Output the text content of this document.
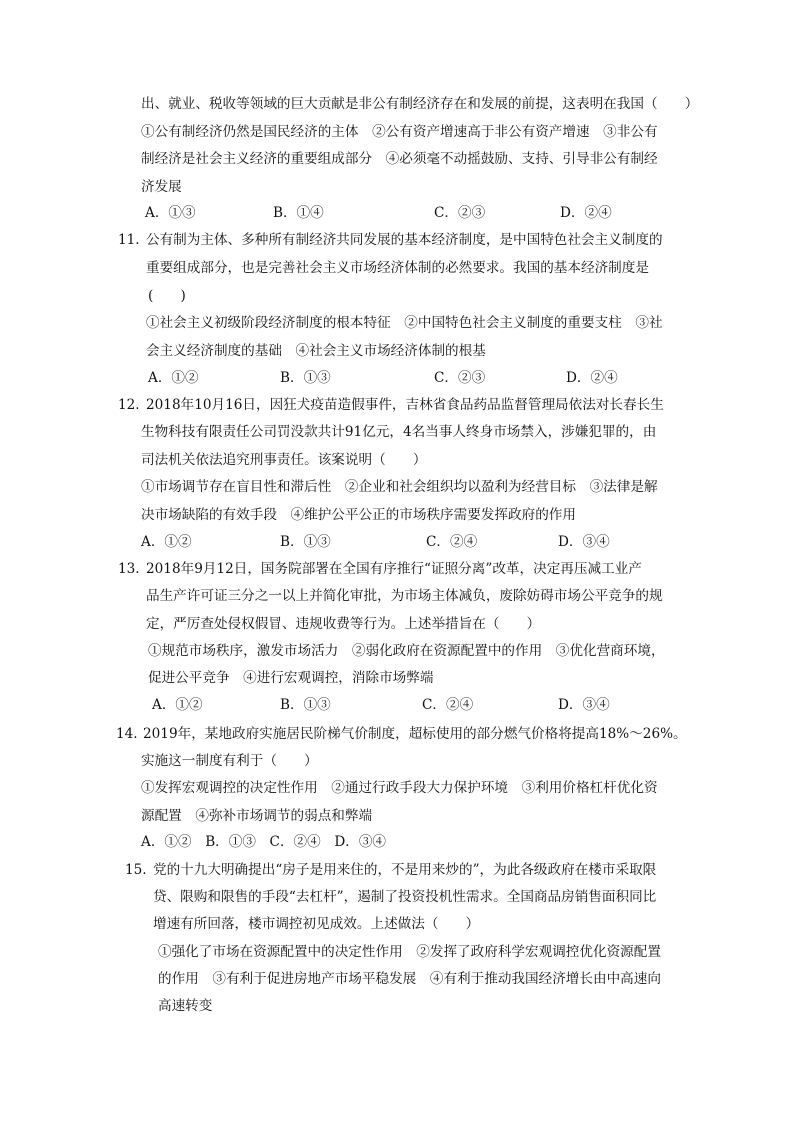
出、就业、税收等领域的巨大贡献是非公有制经济存在和发展的前提，这表明在我国（　　）
①公有制经济仍然是国民经济的主体　②公有资产增速高于非公有资产增速　③非公有
制经济是社会主义经济的重要组成部分　④必须毫不动摇鼓励、支持、引导非公有制经
济发展
A．①③	B．①④	C．②③	D．②④
11. 公有制为主体、多种所有制经济共同发展的基本经济制度，是中国特色社会主义制度的
重要组成部分，也是完善社会主义市场经济体制的必然要求。我国的基本经济制度是
(　　)
①社会主义初级阶段经济制度的根本特征　②中国特色社会主义制度的重要支柱　③社
会主义经济制度的基础　④社会主义市场经济体制的根基
A．①②	B．①③	C．②③	D．②④
12. 2018年10月16日，因狂犬疫苗造假事件，吉林省食品药品监督管理局依法对长春长生
生物科技有限责任公司罚没款共计91亿元，4名当事人终身市场禁入，涉嫌犯罪的，由
司法机关依法追究刑事责任。该案说明（　　）
①市场调节存在盲目性和滞后性　②企业和社会组织均以盈利为经营目标　③法律是解
决市场缺陷的有效手段　④维护公平公正的市场秩序需要发挥政府的作用
A．①②	B．①③	C．②④	D．③④
13. 2018年9月12日，国务院部署在全国有序推行“证照分离”改革，决定再压减工业产
品生产许可证三分之一以上并简化审批，为市场主体减负，废除妨碍市场公平竞争的规
定，严厉查处侵权假冒、违规收费等行为。上述举措旨在（　　）
①规范市场秩序，激发市场活力　②弱化政府在资源配置中的作用　③优化营商环境，
促进公平竞争　④进行宏观调控，消除市场弊端
A．①②	B．①③	C．②④	D．③④
14. 2019年，某地政府实施居民阶梯气价制度，超标使用的部分燃气价格将提高18%～26%。
实施这一制度有利于（　　）
①发挥宏观调控的决定性作用　②通过行政手段大力保护环境　③利用价格杠杆优化资
源配置　④弥补市场调节的弱点和弊端
A．①②　B．①③　C．②④　D．③④
15. 党的十九大明确提出“房子是用来住的，不是用来炒的”，为此各级政府在楼市采取限
贷、限购和限售的手段“去杠杆”，遏制了投资投机性需求。全国商品房销售面积同比
增速有所回落，楼市调控初见成效。上述做法（　　）
①强化了市场在资源配置中的决定性作用　②发挥了政府科学宏观调控优化资源配置
的作用　③有利于促进房地产市场平稳发展　④有利于推动我国经济增长由中高速向
高速转变
